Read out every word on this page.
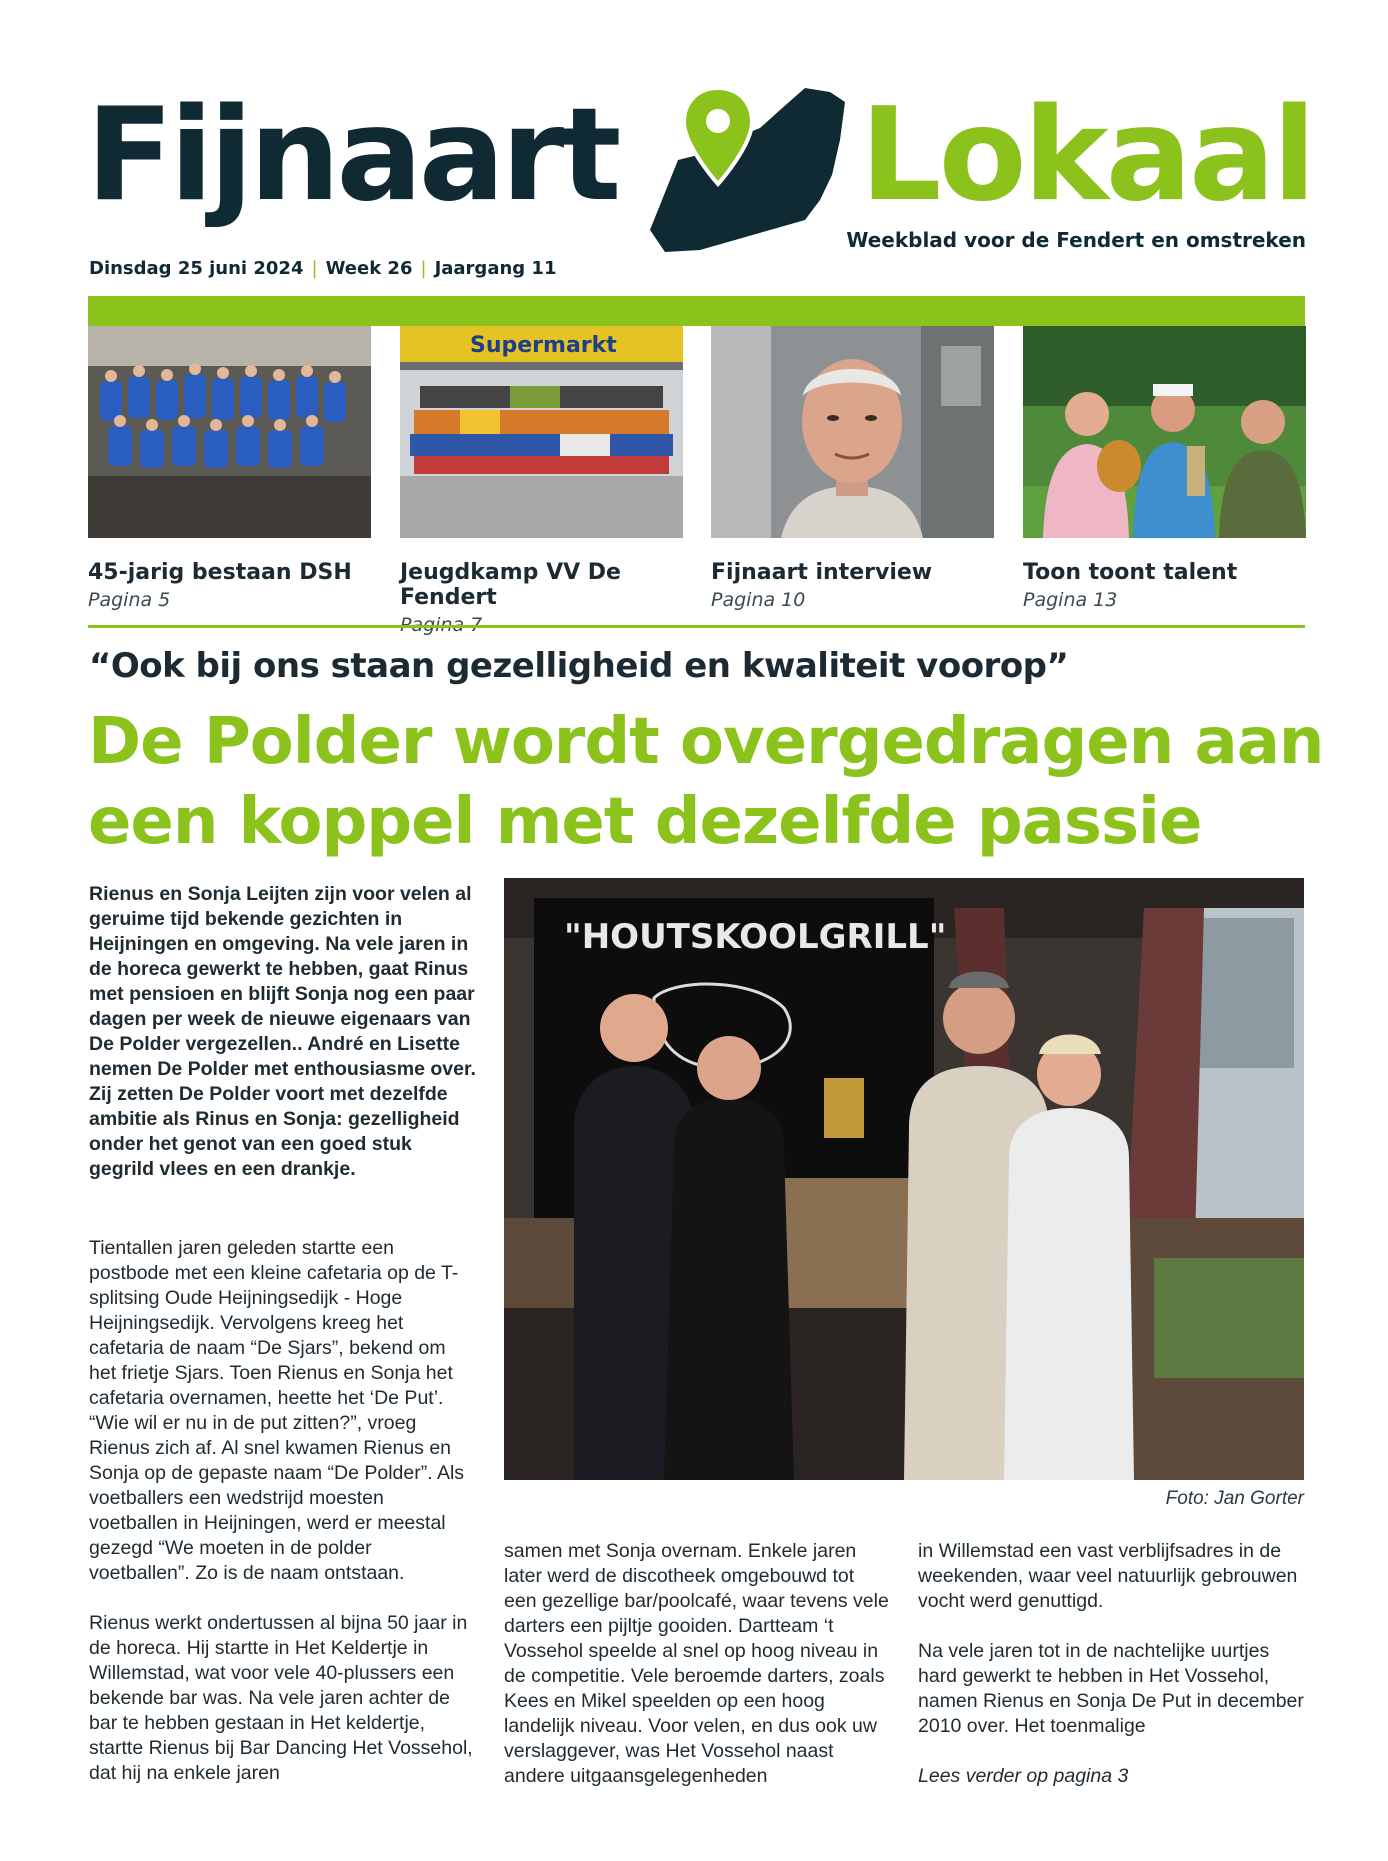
Fijnaart Lokaal
Weekblad voor de Fendert en omstreken
Dinsdag 25 juni 2024 | Week 26 | Jaargang 11
45-jarig bestaan DSH
Pagina 5
Supermarkt
Jeugdkamp VV De Fendert
Fijnaart interview
Pagina 10
Toon toont talent
Pagina 13
“Ook bij ons staan gezelligheid en kwaliteit voorop”
De Polder wordt overgedragen aan een koppel met dezelfde passie
Rienus en Sonja Leijten zijn voor velen al geruime tijd bekende gezichten in Heijningen en omgeving. Na vele jaren in de horeca gewerkt te hebben, gaat Rinus met pensioen en blijft Sonja nog een paar dagen per week de nieuwe eigenaars van De Polder vergezellen.. André en Lisette nemen De Polder met enthousiasme over. Zij zetten De Polder voort met dezelfde ambitie als Rinus en Sonja: gezelligheid onder het genot van een goed stuk gegrild vlees en een drankje.

Tientallen jaren geleden startte een postbode met een kleine cafetaria op de T-splitsing Oude Heijningsedijk - Hoge Heijningsedijk. Vervolgens kreeg het cafetaria de naam “De Sjars”, bekend om het frietje Sjars. Toen Rienus en Sonja het cafetaria overnamen, heette het ‘De Put’. “Wie wil er nu in de put zitten?”, vroeg Rienus zich af. Al snel kwamen Rienus en Sonja op de gepaste naam “De Polder”. Als voetballers een wedstrijd moesten voetballen in Heijningen, werd er meestal gezegd “We moeten in de polder voetballen”. Zo is de naam ontstaan.

Rienus werkt ondertussen al bijna 50 jaar in de horeca. Hij startte in Het Keldertje in Willemstad, wat voor vele 40-plussers een bekende bar was. Na vele jaren achter de bar te hebben gestaan in Het keldertje, startte Rienus bij Bar Dancing Het Vossehol, dat hij na enkele jaren

"HOUTSKOOLGRILL"
Foto: Jan Gorter
samen met Sonja overnam. Enkele jaren later werd de discotheek omgebouwd tot een gezellige bar/poolcafé, waar tevens vele darters een pijltje gooiden. Dartteam ‘t Vossehol speelde al snel op hoog niveau in de competitie. Vele beroemde darters, zoals Kees en Mikel speelden op een hoog landelijk niveau. Voor velen, en dus ook uw verslaggever, was Het Vossehol naast andere uitgaansgelegenheden

in Willemstad een vast verblijfsadres in de weekenden, waar veel natuurlijk gebrouwen vocht werd genuttigd.

Na vele jaren tot in de nachtelijke uurtjes hard gewerkt te hebben in Het Vossehol, namen Rienus en Sonja De Put in december 2010 over. Het toenmalige

Lees verder op pagina 3
